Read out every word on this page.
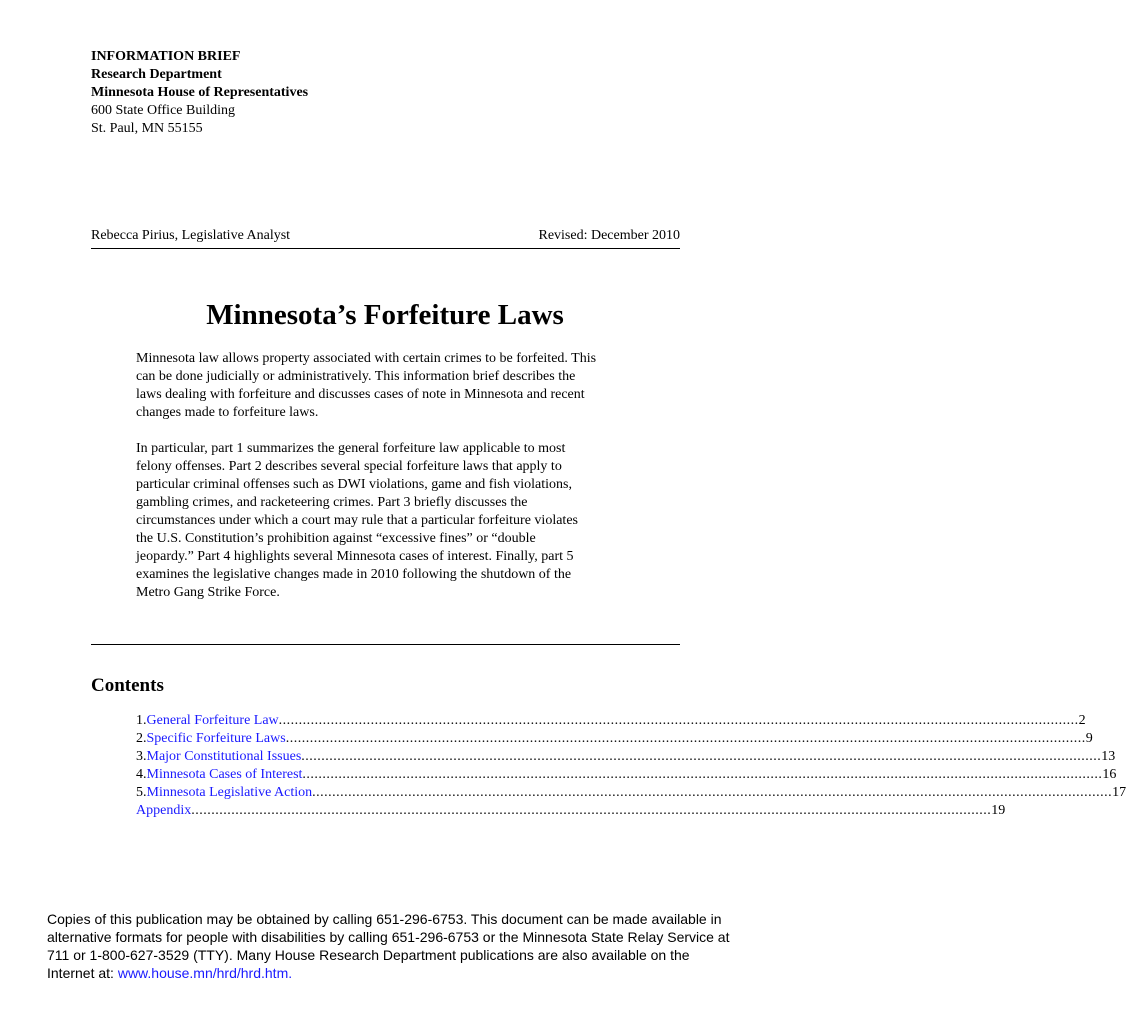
INFORMATION BRIEF
Research Department
Minnesota House of Representatives
600 State Office Building
St. Paul, MN 55155
Rebecca Pirius, Legislative Analyst	Revised: December 2010
Minnesota’s Forfeiture Laws
Minnesota law allows property associated with certain crimes to be forfeited. This
can be done judicially or administratively. This information brief describes the
laws dealing with forfeiture and discusses cases of note in Minnesota and recent
changes made to forfeiture laws.
In particular, part 1 summarizes the general forfeiture law applicable to most
felony offenses. Part 2 describes several special forfeiture laws that apply to
particular criminal offenses such as DWI violations, game and fish violations,
gambling crimes, and racketeering crimes. Part 3 briefly discusses the
circumstances under which a court may rule that a particular forfeiture violates
the U.S. Constitution’s prohibition against “excessive fines” or “double
jeopardy.” Part 4 highlights several Minnesota cases of interest. Finally, part 5
examines the legislative changes made in 2010 following the shutdown of the
Metro Gang Strike Force.
Contents
1. General Forfeiture Law ........................................................................................................................................................................................................ 2
2. Specific Forfeiture Laws ........................................................................................................................................................................................................ 9
3. Major Constitutional Issues ........................................................................................................................................................................................................ 13
4. Minnesota Cases of Interest ........................................................................................................................................................................................................ 16
5. Minnesota Legislative Action ........................................................................................................................................................................................................ 17
Appendix ........................................................................................................................................................................................................ 19
Copies of this publication may be obtained by calling 651-296-6753. This document can be made available in
alternative formats for people with disabilities by calling 651-296-6753 or the Minnesota State Relay Service at
711 or 1-800-627-3529 (TTY). Many House Research Department publications are also available on the
Internet at: www.house.mn/hrd/hrd.htm.
